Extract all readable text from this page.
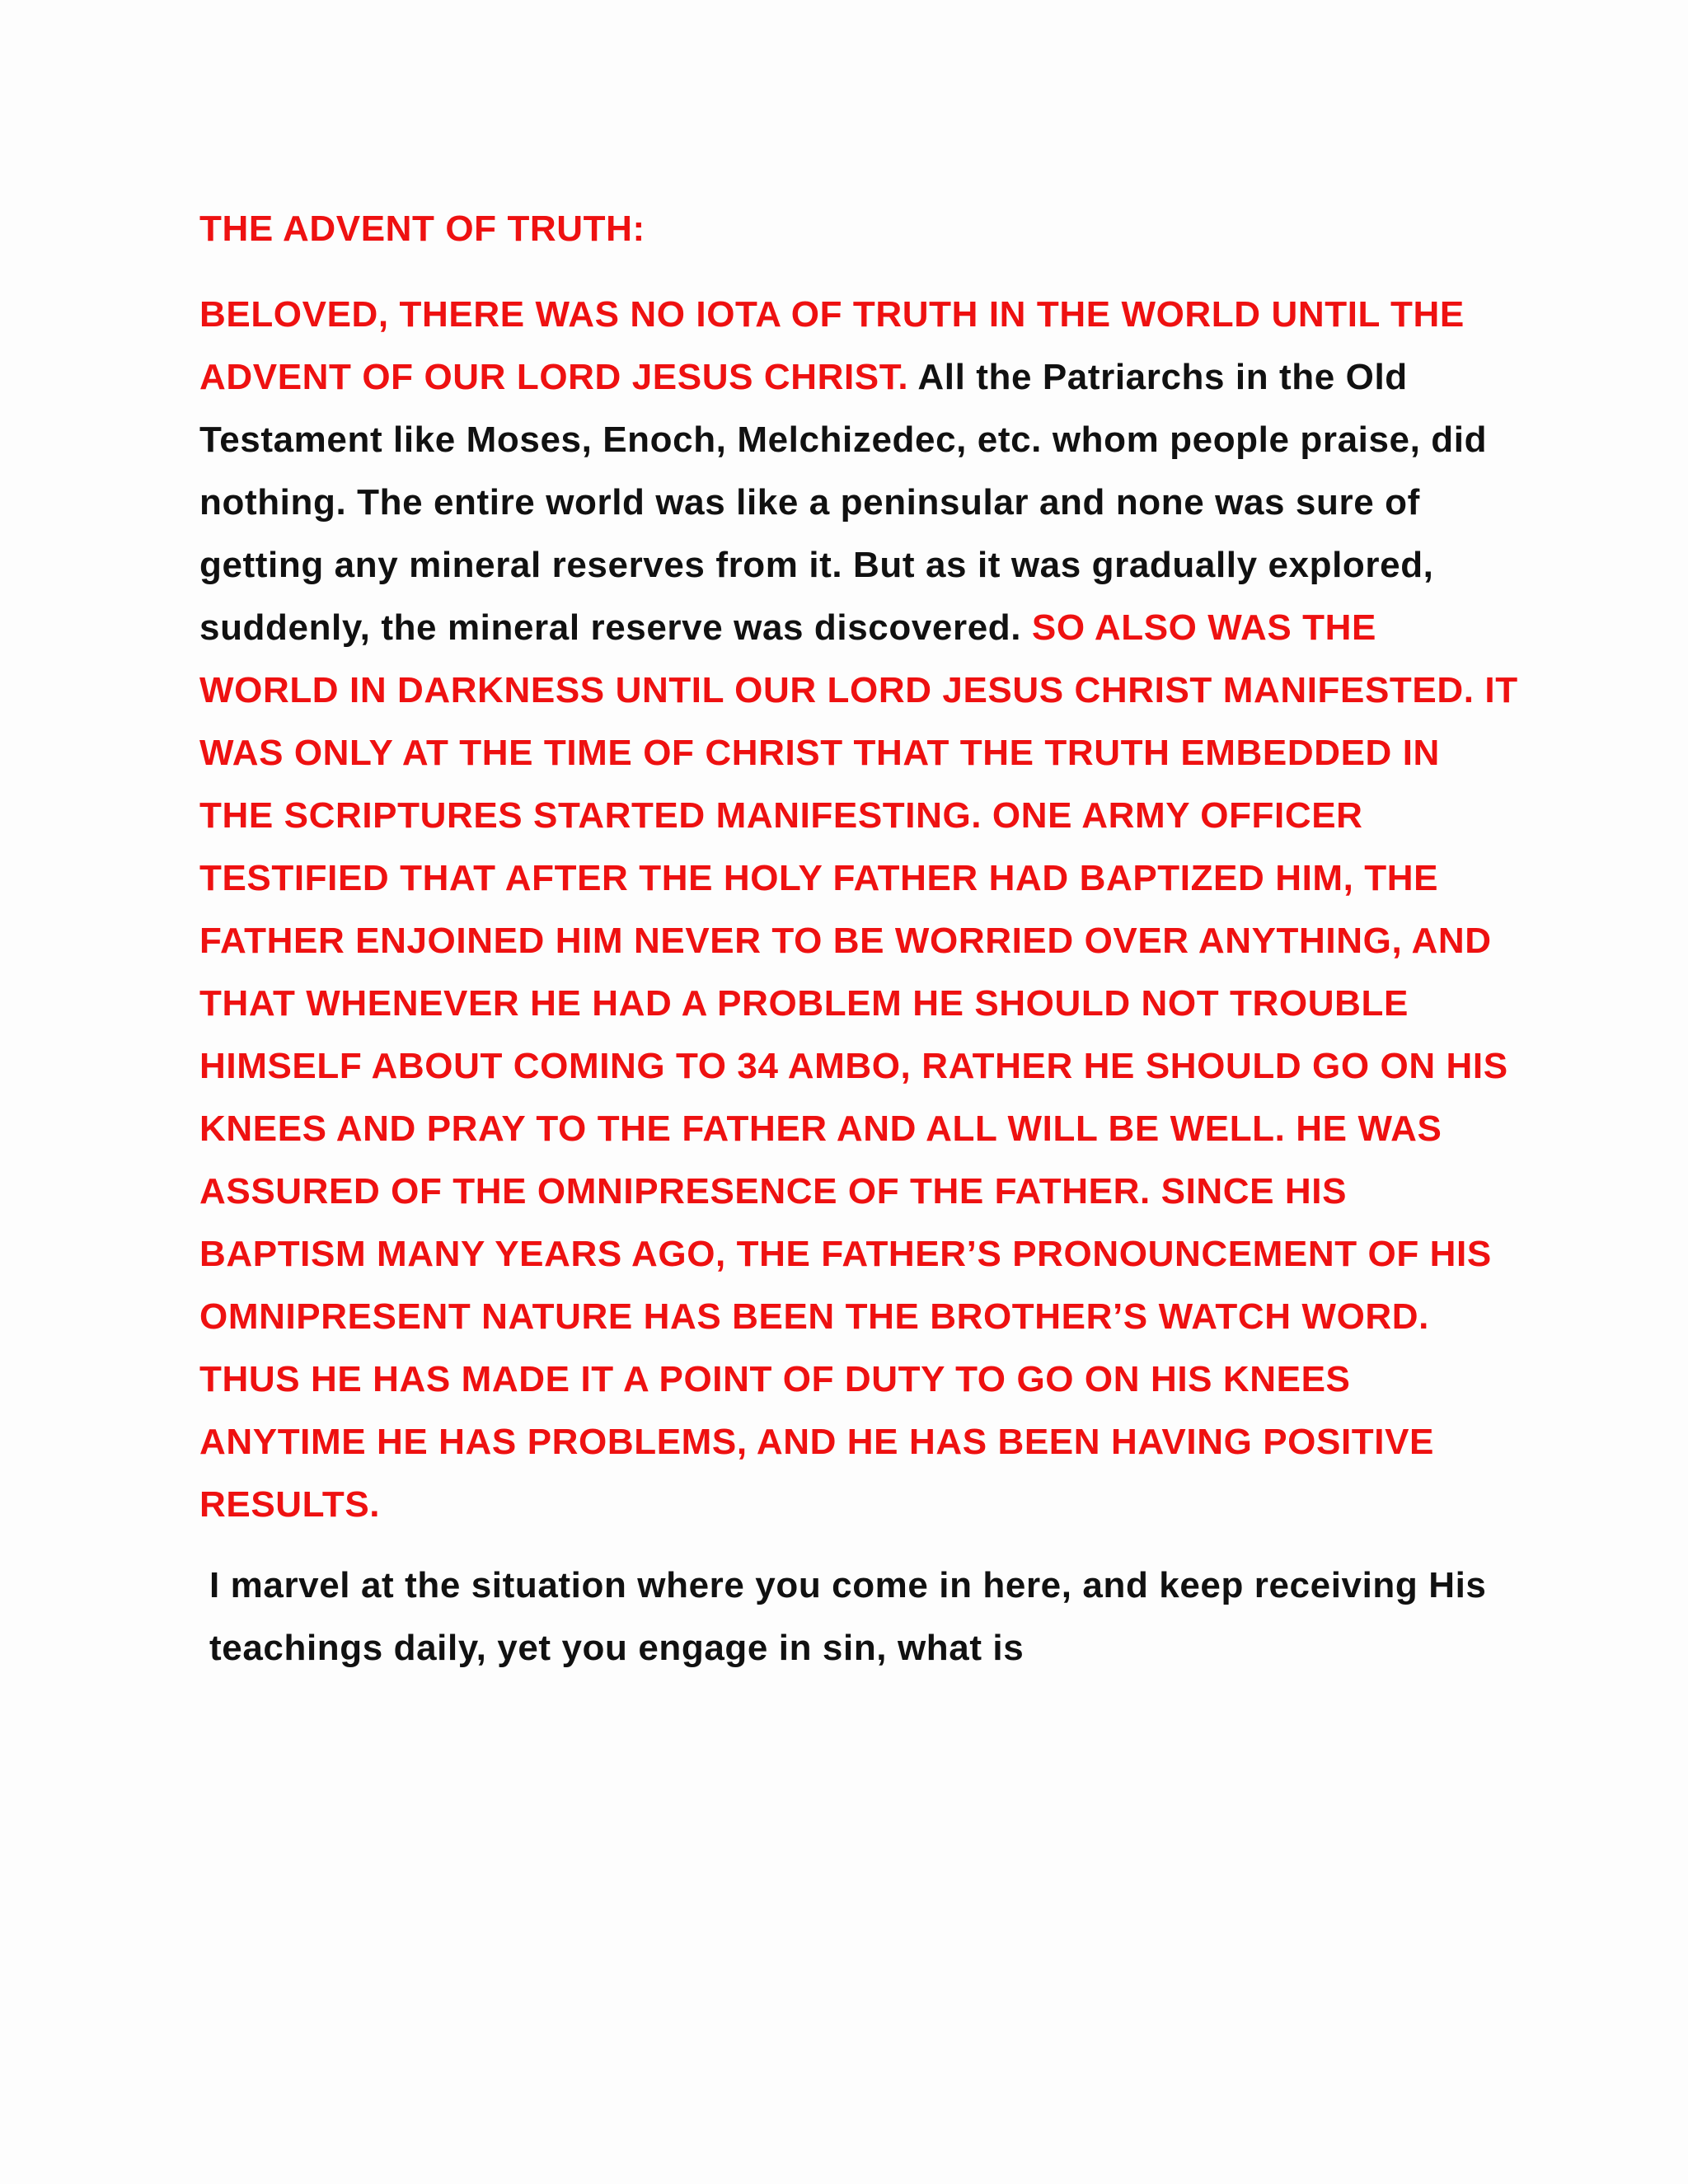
THE ADVENT OF TRUTH:

BELOVED, THERE WAS NO IOTA OF TRUTH IN THE WORLD UNTIL THE ADVENT OF OUR LORD JESUS CHRIST. All the Patriarchs in the Old Testament like Moses, Enoch, Melchizedec, etc. whom people praise, did nothing. The entire world was like a peninsular and none was sure of getting any mineral reserves from it. But as it was gradually explored, suddenly, the mineral reserve was discovered. SO ALSO WAS THE WORLD IN DARKNESS UNTIL OUR LORD JESUS CHRIST MANIFESTED. IT WAS ONLY AT THE TIME OF CHRIST THAT THE TRUTH EMBEDDED IN THE SCRIPTURES STARTED MANIFESTING. ONE ARMY OFFICER TESTIFIED THAT AFTER THE HOLY FATHER HAD BAPTIZED HIM, THE FATHER ENJOINED HIM NEVER TO BE WORRIED OVER ANYTHING, AND THAT WHENEVER HE HAD A PROBLEM HE SHOULD NOT TROUBLE HIMSELF ABOUT COMING TO 34 AMBO, RATHER HE SHOULD GO ON HIS KNEES AND PRAY TO THE FATHER AND ALL WILL BE WELL. HE WAS ASSURED OF THE OMNIPRESENCE OF THE FATHER. SINCE HIS BAPTISM MANY YEARS AGO, THE FATHER’S PRONOUNCEMENT OF HIS OMNIPRESENT NATURE HAS BEEN THE BROTHER’S WATCH WORD. THUS HE HAS MADE IT A POINT OF DUTY TO GO ON HIS KNEES ANYTIME HE HAS PROBLEMS, AND HE HAS BEEN HAVING POSITIVE RESULTS.

I marvel at the situation where you come in here, and keep receiving His teachings daily, yet you engage in sin, what is
